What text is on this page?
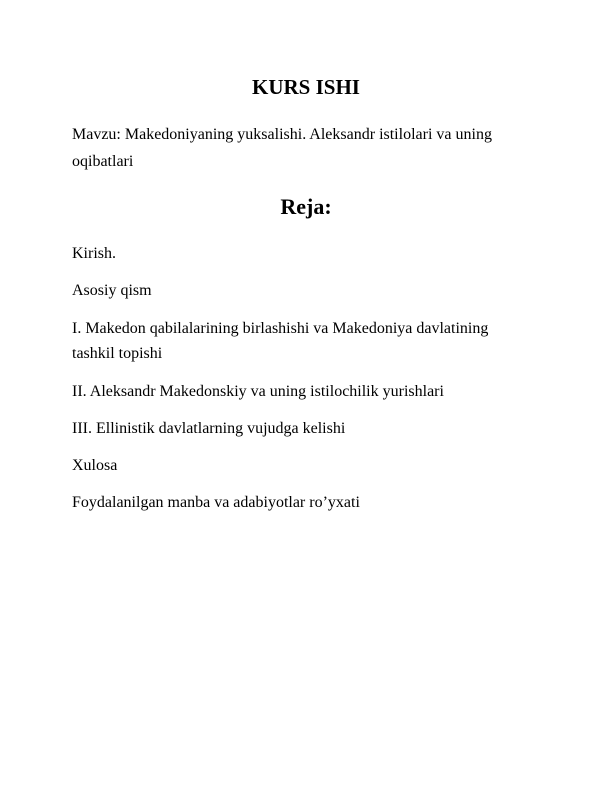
KURS ISHI

Mavzu: Makedoniyaning yuksalishi. Aleksandr istilolari va uning oqibatlari

Reja:
Kirish.
Asosiy qism
I. Makedon qabilalarining birlashishi va Makedoniya davlatining  tashkil topishi
II. Aleksandr Makedonskiy va uning istilochilik yurishlari
III. Ellinistik davlatlarning vujudga kelishi
Xulosa
Foydalanilgan manba va adabiyotlar ro’yxati
